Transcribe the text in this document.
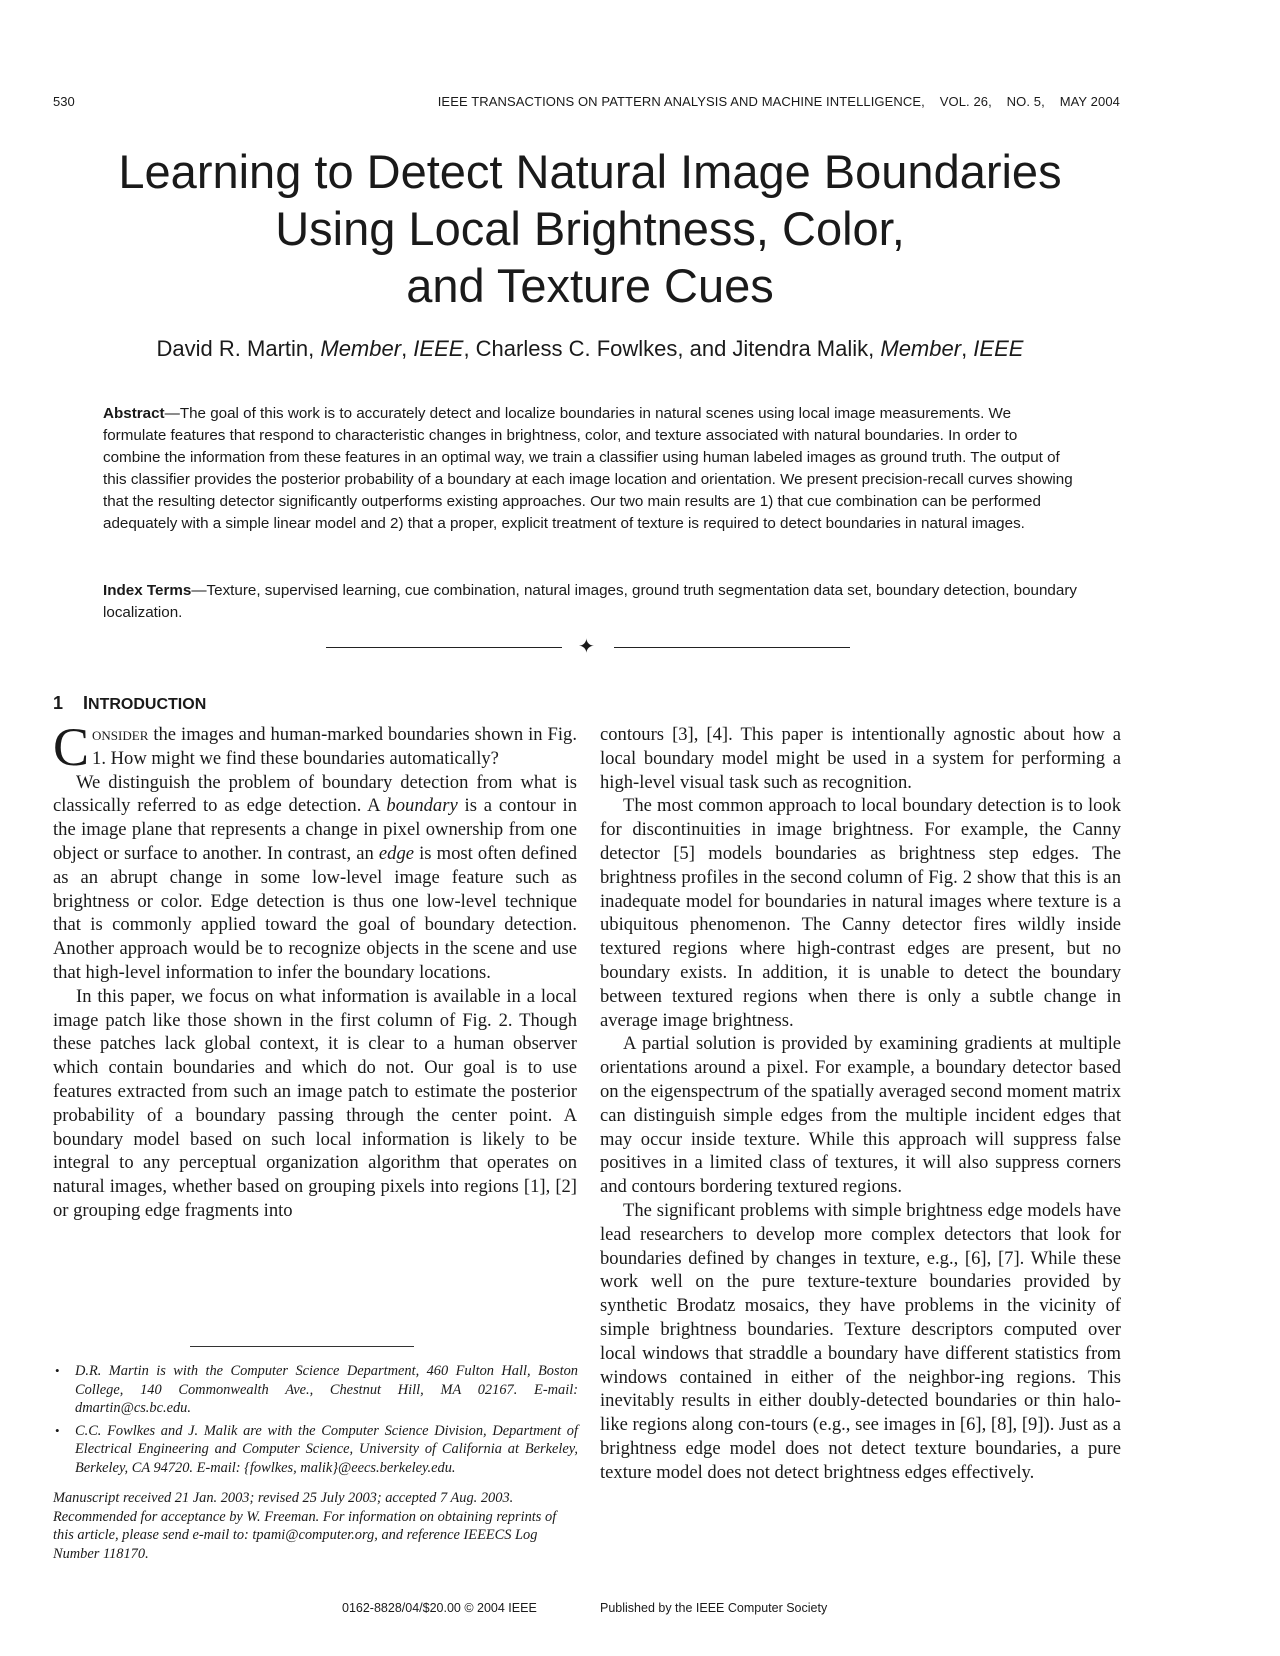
530	IEEE TRANSACTIONS ON PATTERN ANALYSIS AND MACHINE INTELLIGENCE,    VOL. 26,    NO. 5,    MAY 2004
Learning to Detect Natural Image Boundaries
Using Local Brightness, Color,
and Texture Cues
David R. Martin, Member, IEEE, Charless C. Fowlkes, and Jitendra Malik, Member, IEEE
Abstract—The goal of this work is to accurately detect and localize boundaries in natural scenes using local image measurements. We formulate features that respond to characteristic changes in brightness, color, and texture associated with natural boundaries. In order to combine the information from these features in an optimal way, we train a classifier using human labeled images as ground truth. The output of this classifier provides the posterior probability of a boundary at each image location and orientation. We present precision-recall curves showing that the resulting detector significantly outperforms existing approaches. Our two main results are 1) that cue combination can be performed adequately with a simple linear model and 2) that a proper, explicit treatment of texture is required to detect boundaries in natural images.
Index Terms—Texture, supervised learning, cue combination, natural images, ground truth segmentation data set, boundary detection, boundary localization.
✦
1 INTRODUCTION

Consider the images and human-marked boundaries shown in Fig. 1. How might we find these boundaries automatically?

We distinguish the problem of boundary detection from what is classically referred to as edge detection. A boundary is a contour in the image plane that represents a change in pixel ownership from one object or surface to another. In contrast, an edge is most often defined as an abrupt change in some low-level image feature such as brightness or color. Edge detection is thus one low-level technique that is commonly applied toward the goal of boundary detection. Another approach would be to recognize objects in the scene and use that high-level information to infer the boundary locations.

In this paper, we focus on what information is available in a local image patch like those shown in the first column of Fig. 2. Though these patches lack global context, it is clear to a human observer which contain boundaries and which do not. Our goal is to use features extracted from such an image patch to estimate the posterior probability of a boundary passing through the center point. A boundary model based on such local information is likely to be integral to any perceptual organization algorithm that operates on natural images, whether based on grouping pixels into regions [1], [2] or grouping edge fragments into

contours [3], [4]. This paper is intentionally agnostic about how a local boundary model might be used in a system for performing a high-level visual task such as recognition.

The most common approach to local boundary detection is to look for discontinuities in image brightness. For example, the Canny detector [5] models boundaries as brightness step edges. The brightness profiles in the second column of Fig. 2 show that this is an inadequate model for boundaries in natural images where texture is a ubiquitous phenomenon. The Canny detector fires wildly inside textured regions where high-contrast edges are present, but no boundary exists. In addition, it is unable to detect the boundary between textured regions when there is only a subtle change in average image brightness.

A partial solution is provided by examining gradients at multiple orientations around a pixel. For example, a boundary detector based on the eigenspectrum of the spatially averaged second moment matrix can distinguish simple edges from the multiple incident edges that may occur inside texture. While this approach will suppress false positives in a limited class of textures, it will also suppress corners and contours bordering textured regions.

The significant problems with simple brightness edge models have lead researchers to develop more complex detectors that look for boundaries defined by changes in texture, e.g., [6], [7]. While these work well on the pure texture-texture boundaries provided by synthetic Brodatz mosaics, they have problems in the vicinity of simple brightness boundaries. Texture descriptors computed over local windows that straddle a boundary have different statistics from windows contained in either of the neighbor-ing regions. This inevitably results in either doubly-detected boundaries or thin halo-like regions along con-tours (e.g., see images in [6], [8], [9]). Just as a brightness edge model does not detect texture boundaries, a pure texture model does not detect brightness edges effectively.

• D.R. Martin is with the Computer Science Department, 460 Fulton Hall, Boston College, 140 Commonwealth Ave., Chestnut Hill, MA 02167. E-mail: dmartin@cs.bc.edu.
• C.C. Fowlkes and J. Malik are with the Computer Science Division, Department of Electrical Engineering and Computer Science, University of California at Berkeley, Berkeley, CA 94720. E-mail: {fowlkes, malik}@eecs.berkeley.edu.
Manuscript received 21 Jan. 2003; revised 25 July 2003; accepted 7 Aug. 2003. Recommended for acceptance by W. Freeman. For information on obtaining reprints of this article, please send e-mail to: tpami@computer.org, and reference IEEECS Log Number 118170.
0162-8828/04/$20.00 © 2004 IEEE	Published by the IEEE Computer Society
